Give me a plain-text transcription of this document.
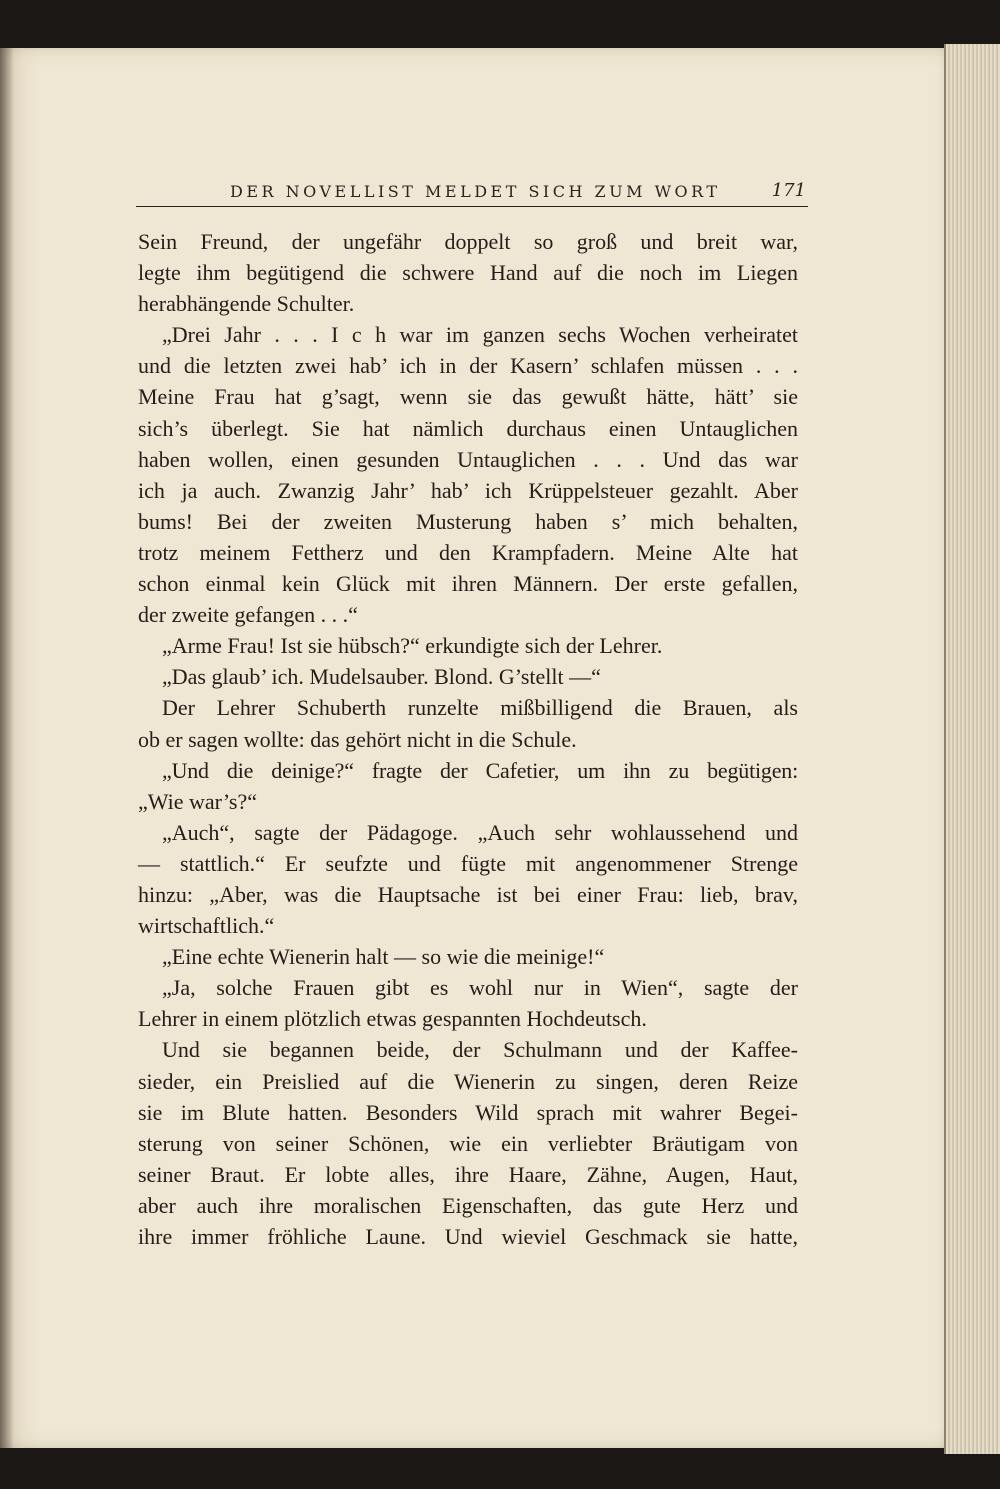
DER NOVELLIST MELDET SICH ZUM WORT	171
Sein Freund, der ungefähr doppelt so groß und breit war,
legte ihm begütigend die schwere Hand auf die noch im Liegen
herabhängende Schulter.
„Drei Jahr . . . I c h war im ganzen sechs Wochen verheiratet
und die letzten zwei hab’ ich in der Kasern’ schlafen müssen . . .
Meine Frau hat g’sagt, wenn sie das gewußt hätte, hätt’ sie
sich’s überlegt. Sie hat nämlich durchaus einen Untauglichen
haben wollen, einen gesunden Untauglichen . . . Und das war
ich ja auch. Zwanzig Jahr’ hab’ ich Krüppelsteuer gezahlt. Aber
bums! Bei der zweiten Musterung haben s’ mich behalten,
trotz meinem Fettherz und den Krampfadern. Meine Alte hat
schon einmal kein Glück mit ihren Männern. Der erste gefallen,
der zweite gefangen . . .“
„Arme Frau! Ist sie hübsch?“ erkundigte sich der Lehrer.
„Das glaub’ ich. Mudelsauber. Blond. G’stellt —“
Der Lehrer Schuberth runzelte mißbilligend die Brauen, als
ob er sagen wollte: das gehört nicht in die Schule.
„Und die deinige?“ fragte der Cafetier, um ihn zu begütigen:
„Wie war’s?“
„Auch“, sagte der Pädagoge. „Auch sehr wohlaussehend und
— stattlich.“ Er seufzte und fügte mit angenommener Strenge
hinzu: „Aber, was die Hauptsache ist bei einer Frau: lieb, brav,
wirtschaftlich.“
„Eine echte Wienerin halt — so wie die meinige!“
„Ja, solche Frauen gibt es wohl nur in Wien“, sagte der
Lehrer in einem plötzlich etwas gespannten Hochdeutsch.
Und sie begannen beide, der Schulmann und der Kaffee-
sieder, ein Preislied auf die Wienerin zu singen, deren Reize
sie im Blute hatten. Besonders Wild sprach mit wahrer Begei-
sterung von seiner Schönen, wie ein verliebter Bräutigam von
seiner Braut. Er lobte alles, ihre Haare, Zähne, Augen, Haut,
aber auch ihre moralischen Eigenschaften, das gute Herz und
ihre immer fröhliche Laune. Und wieviel Geschmack sie hatte,
